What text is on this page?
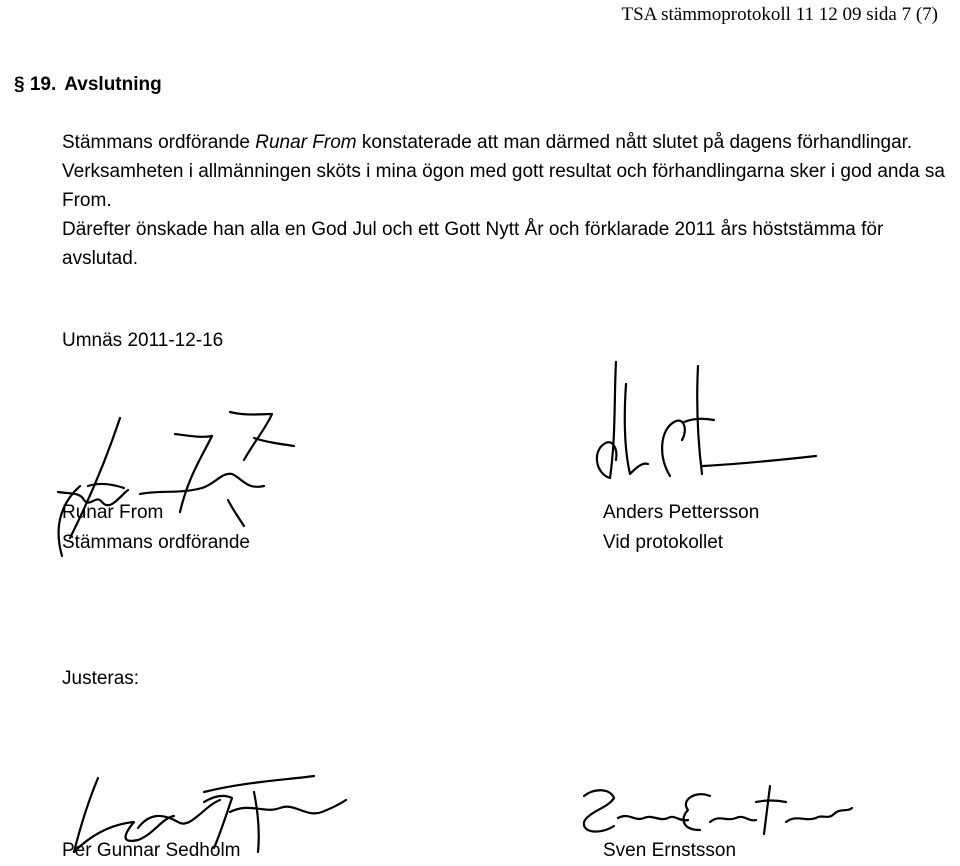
TSA stämmoprotokoll 11 12 09 sida 7 (7)
§ 19. Avslutning

Stämmans ordförande Runar From konstaterade att man därmed nått slutet på dagens förhandlingar. Verksamheten i allmänningen sköts i mina ögon med gott resultat och förhandlingarna sker i god anda sa From.

Därefter önskade han alla en God Jul och ett Gott Nytt År och förklarade 2011 års höststämma för avslutad.

Umnäs 2011-12-16
Runar From
Stämmans ordförande
Anders Pettersson
Vid protokollet
Justeras:
Per Gunnar Sedholm	Sven Ernstsson
